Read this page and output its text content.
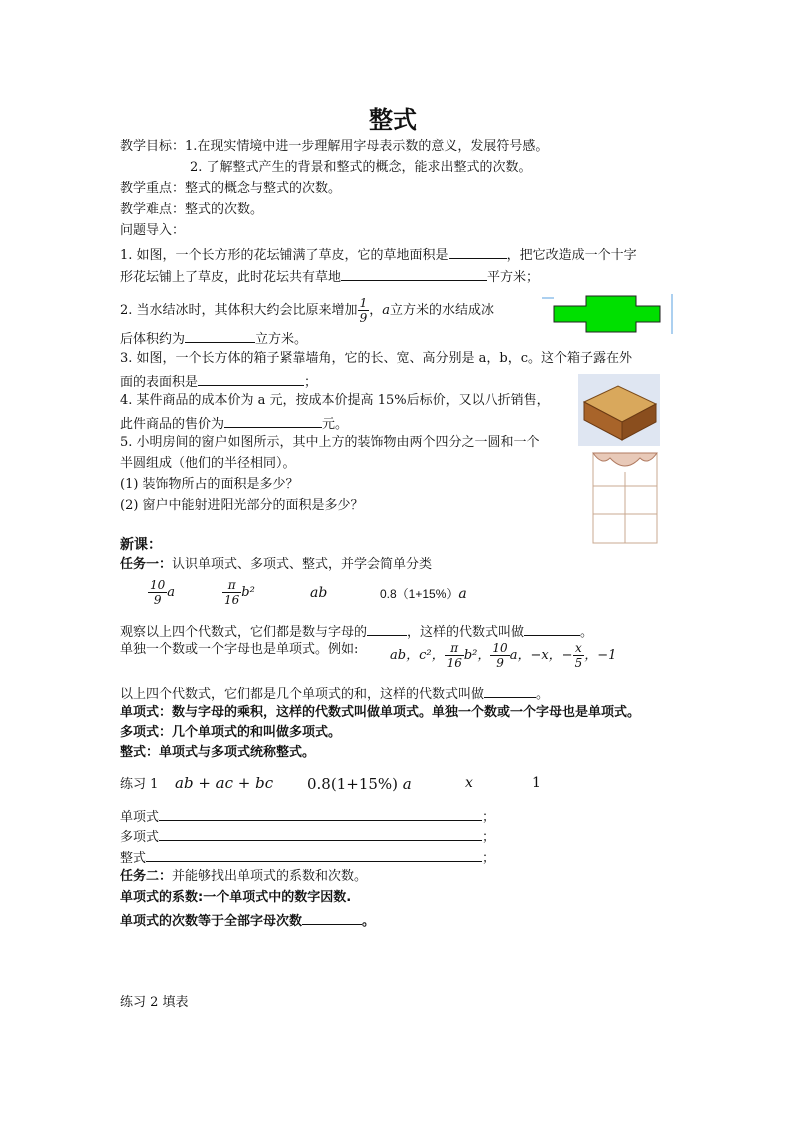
整式
教学目标：1.在现实情境中进一步理解用字母表示数的意义，发展符号感。
2. 了解整式产生的背景和整式的概念，能求出整式的次数。
教学重点：整式的概念与整式的次数。
教学难点：整式的次数。
问题导入：
1. 如图，一个长方形的花坛铺满了草皮，它的草地面积是	，把它改造成一个十字
形花坛铺上了草皮，此时花坛共有草地	平方米；
2. 当水结冰时，其体积大约会比原来增加 $\frac{1}{9}$ ，a立方米的水结成冰
后体积约为	立方米。
3. 如图，一个长方体的箱子紧靠墙角，它的长、宽、高分别是 a，b，c。这个箱子露在外
面的表面积是	；
4. 某件商品的成本价为 a 元，按成本价提高 15%后标价，又以八折销售，
此件商品的售价为	元。
5. 小明房间的窗户如图所示，其中上方的装饰物由两个四分之一圆和一个
半圆组成（他们的半径相同）。
(1) 装饰物所占的面积是多少？
(2) 窗户中能射进阳光部分的面积是多少？
新课：
任务一：认识单项式、多项式、整式，并学会简单分类
$\frac{10}{9}$ a	$\frac{\pi}{16} b^2$	ab	0.8（1+15%）a
观察以上四个代数式，它们都是数与字母的	，这样的代数式叫做	。
单独一个数或一个字母也是单项式。例如: ab，c²， $\frac{\pi}{16} b^2$， $\frac{10}{9}$ a，−x，− $\frac{x}{5}$ ，−1
以上四个代数式，它们都是几个单项式的和，这样的代数式叫做	。
单项式：数与字母的乘积，这样的代数式叫做单项式。单独一个数或一个字母也是单项式。
多项式：几个单项式的和叫做多项式。
整式：单项式与多项式统称整式。
练习 1 ab + ac + bc 0.8(1+15%) a	x	1
单项式	；
多项式	；
整式	；
任务二：并能够找出单项式的系数和次数。
单项式的系数:一个单项式中的数字因数.
单项式的次数等于全部字母次数	。
练习 2 填表
